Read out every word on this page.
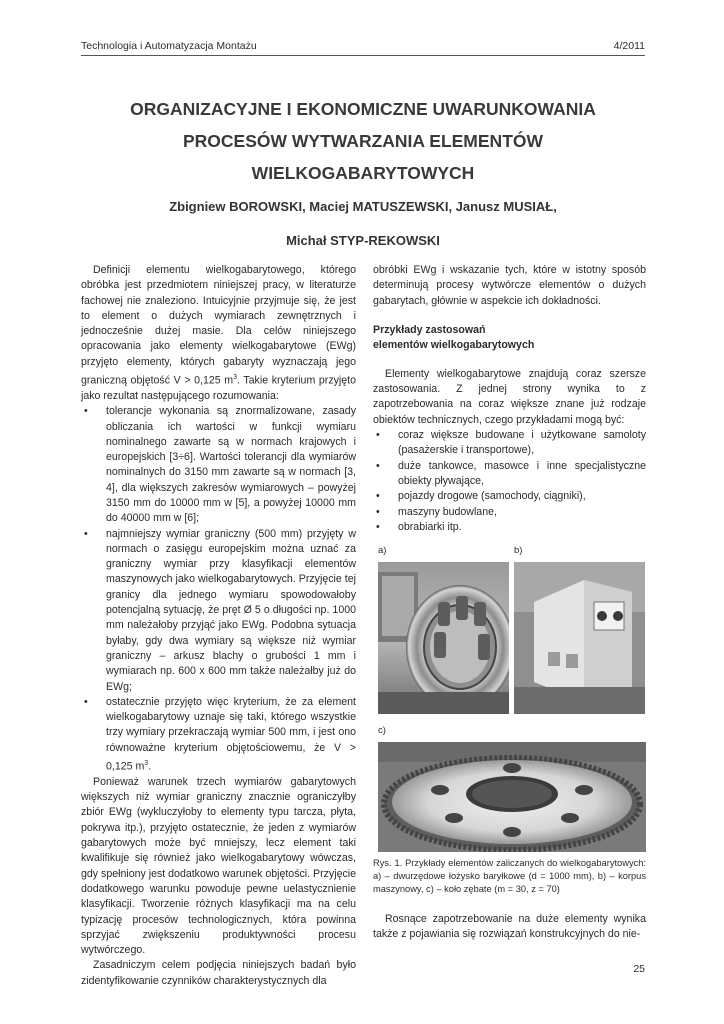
Technologia i Automatyzacja Montażu	4/2011
ORGANIZACYJNE I EKONOMICZNE UWARUNKOWANIA
PROCESÓW WYTWARZANIA ELEMENTÓW
WIELKOGABARYTOWYCH
Zbigniew BOROWSKI, Maciej MATUSZEWSKI, Janusz MUSIAŁ,
Michał STYP-REKOWSKI

Definicji elementu wielkogabarytowego, którego obróbka jest przedmiotem niniejszej pracy, w literaturze fachowej nie znaleziono. Intuicyjnie przyjmuje się, że jest to element o dużych wymiarach zewnętrznych i jednocześnie dużej masie. Dla celów niniejszego opracowania jako elementy wielkogabarytowe (EWg) przyjęto elementy, których gabaryty wyznaczają jego graniczną objętość V > 0,125 $m^3$. Takie kryterium przyjęto jako rezultat następującego rozumowania:

• tolerancje wykonania są znormalizowane, zasady obliczania ich wartości w funkcji wymiaru nominalnego zawarte są w normach krajowych i europejskich [3÷6]. Wartości tolerancji dla wymiarów nominalnych do 3150 mm zawarte są w normach [3, 4], dla większych zakresów wymiarowych – powyżej 3150 mm do 10000 mm w [5], a powyżej 10000 mm do 40000 mm w [6];
• najmniejszy wymiar graniczny (500 mm) przyjęty w normach o zasięgu europejskim można uznać za graniczny wymiar przy klasyfikacji elementów maszynowych jako wielkogabarytowych. Przyjęcie tej granicy dla jednego wymiaru spowodowałoby potencjalną sytuację, że pręt Ø 5 o długości np. 1000 mm należałoby przyjąć jako EWg. Podobna sytuacja byłaby, gdy dwa wymiary są większe niż wymiar graniczny – arkusz blachy o grubości 1 mm i wymiarach np. 600 x 600 mm także należałby już do EWg;
• ostatecznie przyjęto więc kryterium, że za element wielkogabarytowy uznaje się taki, którego wszystkie trzy wymiary przekraczają wymiar 500 mm, i jest ono równoważne kryterium objętościowemu, że V > 0,125 $m^3$.

Ponieważ warunek trzech wymiarów gabarytowych większych niż wymiar graniczny znacznie ograniczyłby zbiór EWg (wykluczyłoby to elementy typu tarcza, płyta, pokrywa itp.), przyjęto ostatecznie, że jeden z wymiarów gabarytowych może być mniejszy, lecz element taki kwalifikuje się również jako wielkogabarytowy wówczas, gdy spełniony jest dodatkowo warunek objętości. Przyjęcie dodatkowego warunku powoduje pewne uelastycznienie klasyfikacji. Tworzenie różnych klasyfikacji ma na celu typizację procesów technologicznych, która powinna sprzyjać zwiększeniu produktywności procesu wytwórczego.

Zasadniczym celem podjęcia niniejszych badań było zidentyfikowanie czynników charakterystycznych dla

obróbki EWg i wskazanie tych, które w istotny sposób determinują procesy wytwórcze elementów o dużych gabarytach, głównie w aspekcie ich dokładności.

Przykłady zastosowań
elementów wielkogabarytowych

Elementy wielkogabarytowe znajdują coraz szersze zastosowania. Z jednej strony wynika to z zapotrzebowania na coraz większe znane już rodzaje obiektów technicznych, czego przykładami mogą być:

• coraz większe budowane i użytkowane samoloty (pasażerskie i transportowe),
• duże tankowce, masowce i inne specjalistyczne obiekty pływające,
• pojazdy drogowe (samochody, ciągniki),
• maszyny budowlane,
• obrabiarki itp.
a)	b)
c)
Rys. 1. Przykłady elementów zaliczanych do wielkogabarytowych: a) – dwurzędowe łożysko baryłkowe (d = 1000 mm), b) – korpus maszynowy, c) – koło zębate (m = 30, z = 70)

Rosnące zapotrzebowanie na duże elementy wynika także z pojawiania się rozwiązań konstrukcyjnych do nie-

25
